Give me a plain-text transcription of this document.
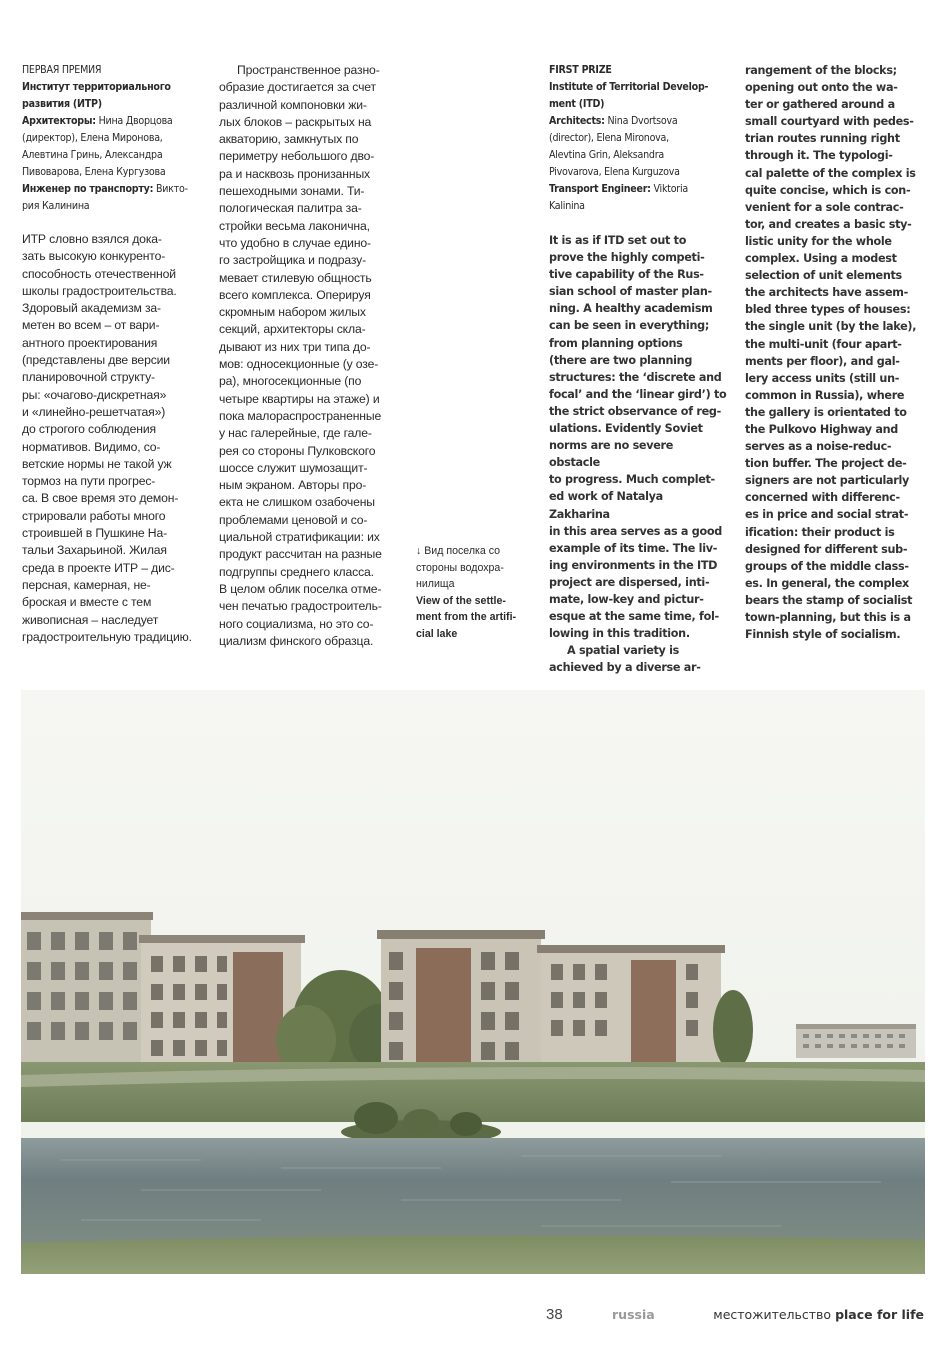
ПЕРВАЯ ПРЕМИЯ
Институт территориального
развития (ИТР)
Архитекторы: Нина Дворцова
(директор), Елена Миронова,
Алевтина Гринь, Александра
Пивоварова, Елена Кургузова
Инженер по транспорту: Викто-
рия Калинина

ИТР словно взялся дока-
зать высокую конкуренто-
способность отечественной
школы градостроительства.
Здоровый академизм за-
метен во всем – от вари-
антного проектирования
(представлены две версии
планировочной структу-
ры: «очагово-дискретная»
и «линейно-решетчатая»)
до строгого соблюдения
нормативов. Видимо, со-
ветские нормы не такой уж
тормоз на пути прогрес-
са. В свое время это демон-
стрировали работы много
строившей в Пушкине На-
тальи Захарьиной. Жилая
среда в проекте ИТР – дис-
персная, камерная, не-
броская и вместе с тем
живописная – наследует
градостроительную традицию.

Пространственное разно-
образие достигается за счет
различной компоновки жи-
лых блоков – раскрытых на
акваторию, замкнутых по
периметру небольшого дво-
ра и насквозь пронизанных
пешеходными зонами. Ти-
пологическая палитра за-
стройки весьма лаконична,
что удобно в случае едино-
го застройщика и подразу-
мевает стилевую общность
всего комплекса. Оперируя
скромным набором жилых
секций, архитекторы скла-
дывают из них три типа до-
мов: односекционные (у озе-
ра), многосекционные (по
четыре квартиры на этаже) и
пока малораспространенные
у нас галерейные, где гале-
рея со стороны Пулковского
шоссе служит шумозащит-
ным экраном. Авторы про-
екта не слишком озабочены
проблемами ценовой и со-
циальной стратификации: их
продукт рассчитан на разные
подгруппы среднего класса.
В целом облик поселка отме-
чен печатью градостроитель-
ного социализма, но это со-
циализм финского образца.

↓ Вид поселка со
стороны водохра-
нилища
View of the settle-
ment from the artifi-
cial lake
FIRST PRIZE
Institute of Territorial Develop-
ment (ITD)
Architects: Nina Dvortsova
(director), Elena Mironova,
Alevtina Grin, Aleksandra
Pivovarova, Elena Kurguzova
Transport Engineer: Viktoria
Kalinina

It is as if ITD set out to
prove the highly competi-
tive capability of the Rus-
sian school of master plan-
ning. A healthy academism
can be seen in everything;
from planning options
(there are two planning
structures: the ‘discrete and
focal’ and the ‘linear gird’) to
the strict observance of reg-
ulations. Evidently Soviet
norms are no severe obstacle
to progress. Much complet-
ed work of Natalya Zakharina
in this area serves as a good
example of its time. The liv-
ing environments in the ITD
project are dispersed, inti-
mate, low-key and pictur-
esque at the same time, fol-
lowing in this tradition.
A spatial variety is
achieved by a diverse ar-

rangement of the blocks;
opening out onto the wa-
ter or gathered around a
small courtyard with pedes-
trian routes running right
through it. The typologi-
cal palette of the complex is
quite concise, which is con-
venient for a sole contrac-
tor, and creates a basic sty-
listic unity for the whole
complex. Using a modest
selection of unit elements
the architects have assem-
bled three types of houses:
the single unit (by the lake),
the multi-unit (four apart-
ments per floor), and gal-
lery access units (still un-
common in Russia), where
the gallery is orientated to
the Pulkovo Highway and
serves as a noise-reduc-
tion buffer. The project de-
signers are not particularly
concerned with differenc-
es in price and social strat-
ification: their product is
designed for different sub-
groups of the middle class-
es. In general, the complex
bears the stamp of socialist
town-planning, but this is a
Finnish style of socialism.

38	russia	местожительство place for life
